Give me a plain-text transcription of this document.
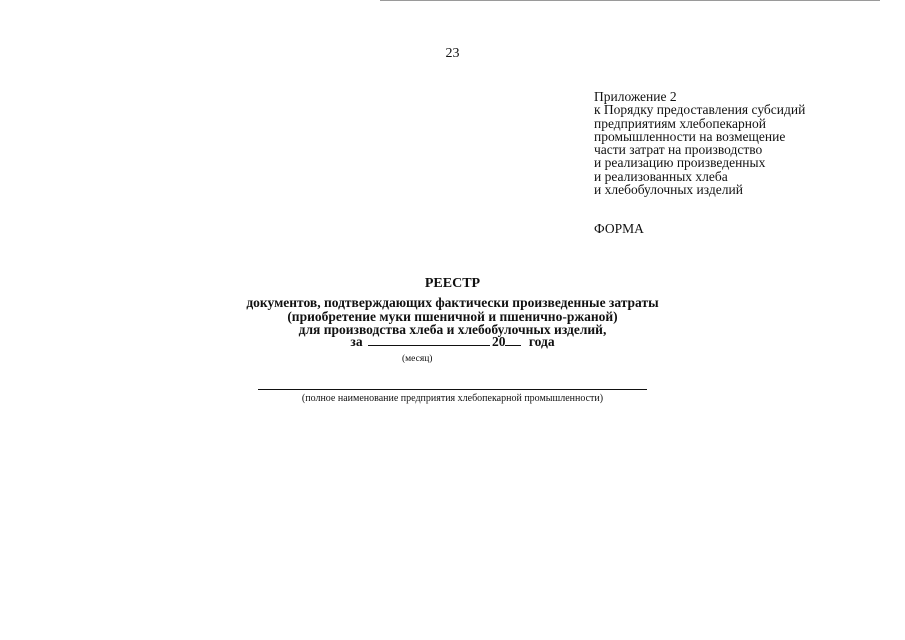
23
Приложение 2
к Порядку предоставления субсидий
предприятиям хлебопекарной
промышленности на возмещение
части затрат на производство
и реализацию произведенных
и реализованных хлеба
и хлебобулочных изделий
ФОРМА
РЕЕСТР
документов, подтверждающих фактически произведенные затраты
(приобретение муки пшеничной и пшенично-ржаной)
для производства хлеба и хлебобулочных изделий,
за	20 года
(месяц)
(полное наименование предприятия хлебопекарной промышленности)
